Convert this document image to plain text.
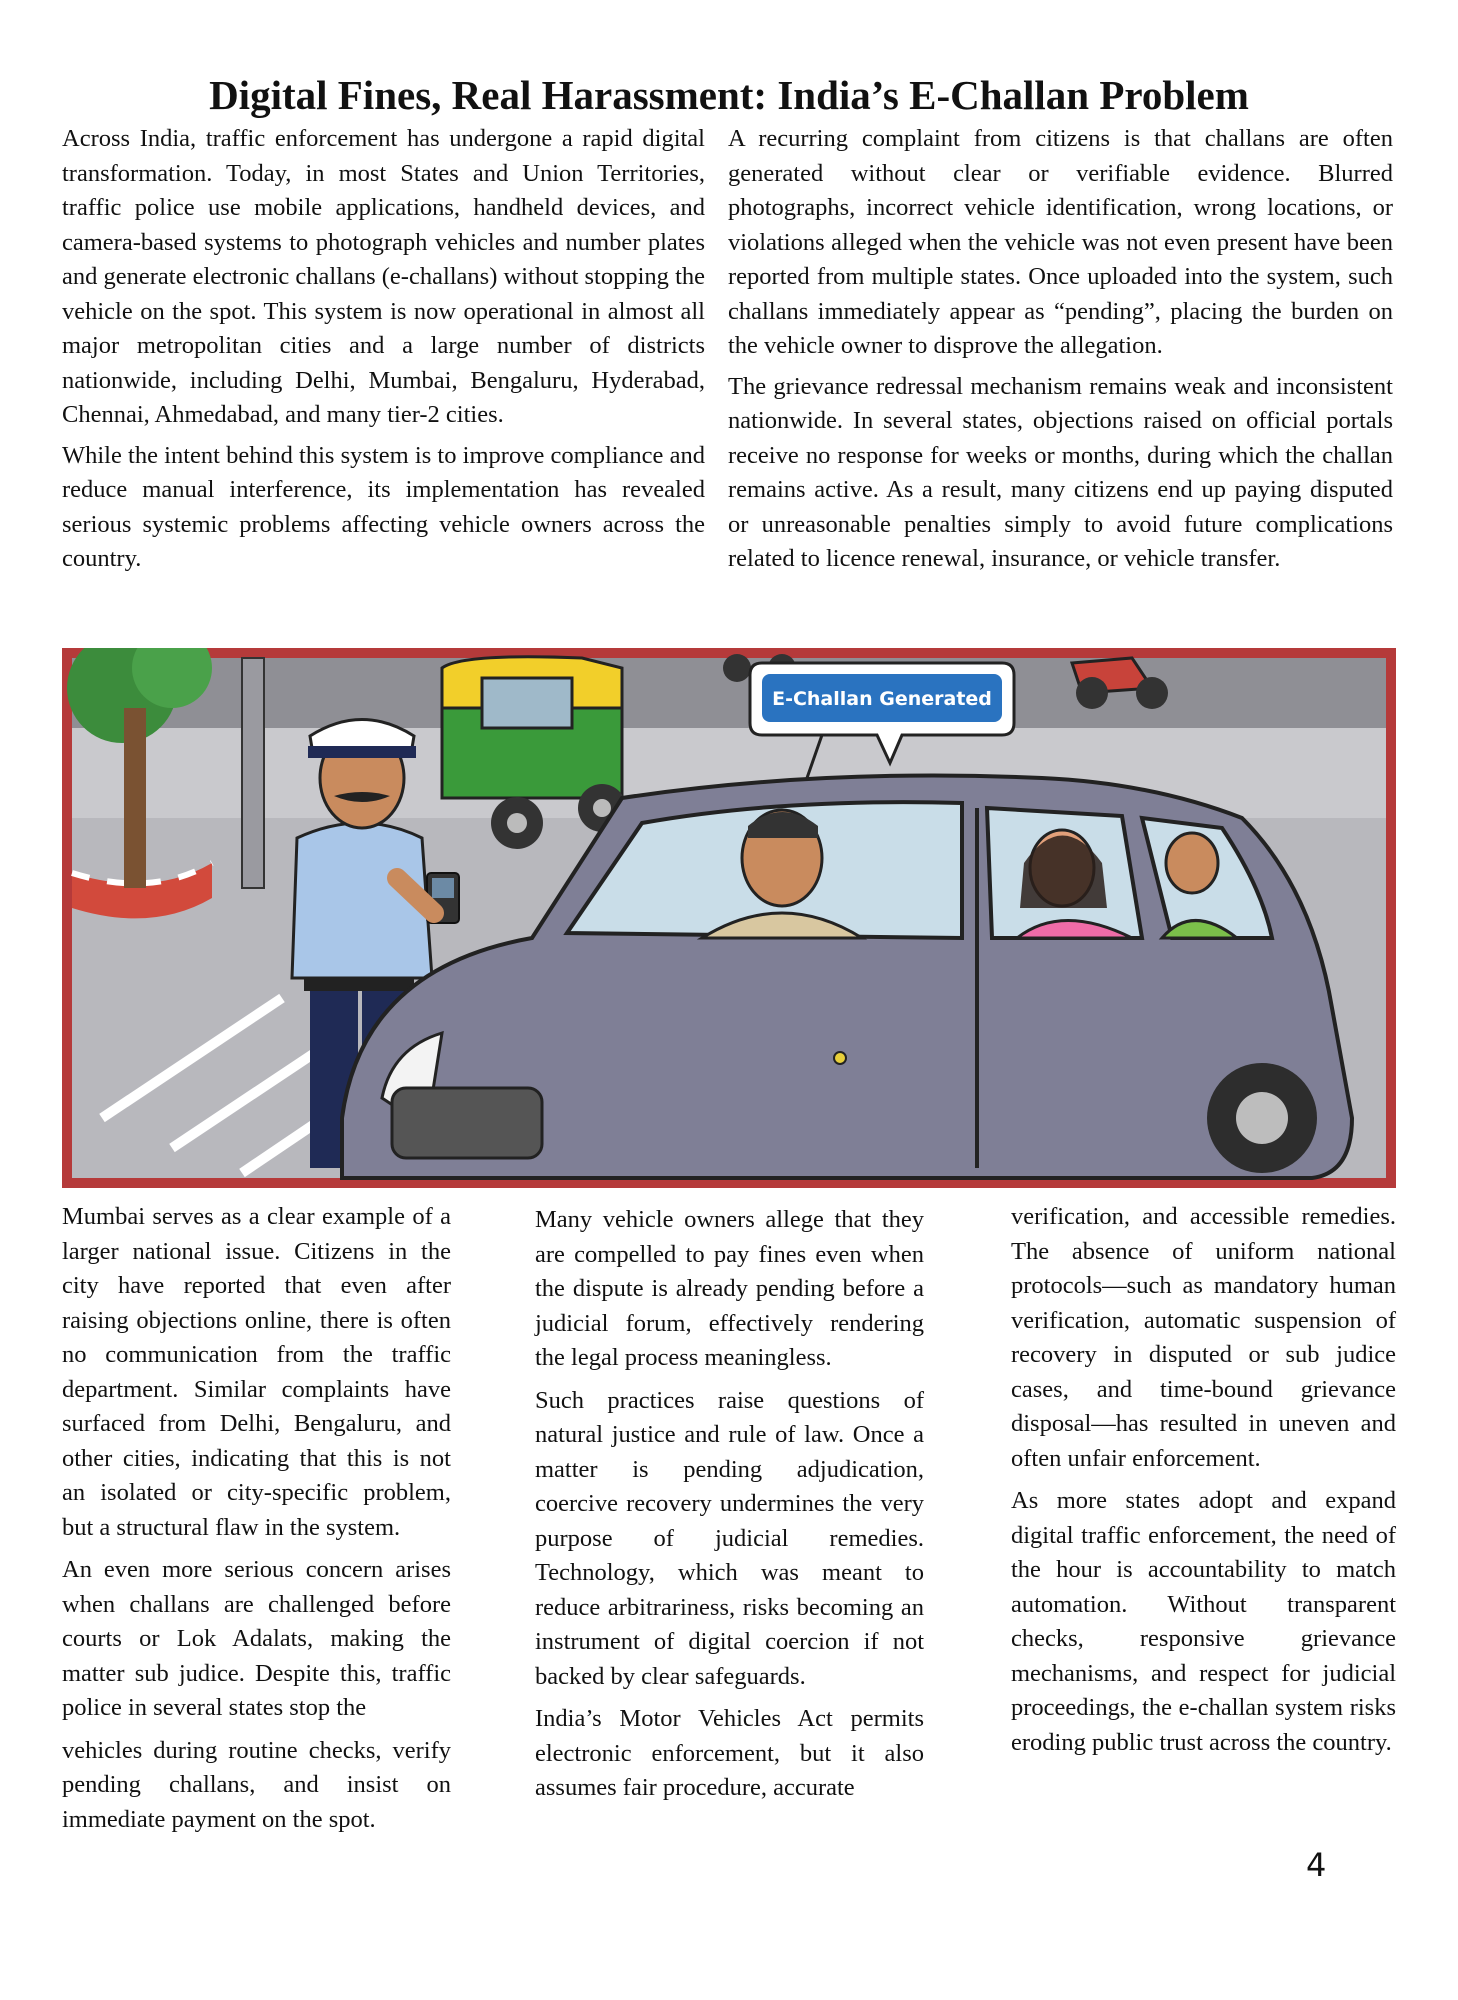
Digital Fines, Real Harassment: India’s E-Challan Problem

Across India, traffic enforcement has undergone a rapid digital transformation. Today, in most States and Union Territories, traffic police use mobile applications, handheld devices, and camera-based systems to photograph vehicles and number plates and generate electronic challans (e-challans) without stopping the vehicle on the spot. This system is now operational in almost all major metropolitan cities and a large number of districts nationwide, including Delhi, Mumbai, Bengaluru, Hyderabad, Chennai, Ahmedabad, and many tier-2 cities.

While the intent behind this system is to improve compliance and reduce manual interference, its implementation has revealed serious systemic problems affecting vehicle owners across the country.

A recurring complaint from citizens is that challans are often generated without clear or verifiable evidence. Blurred photographs, incorrect vehicle identification, wrong locations, or violations alleged when the vehicle was not even present have been reported from multiple states. Once uploaded into the system, such challans immediately appear as “pending”, placing the burden on the vehicle owner to disprove the allegation.

The grievance redressal mechanism remains weak and inconsistent nationwide. In several states, objections raised on official portals receive no response for weeks or months, during which the challan remains active. As a result, many citizens end up paying disputed or unreasonable penalties simply to avoid future complications related to licence renewal, insurance, or vehicle transfer.

E-Challan Generated

Mumbai serves as a clear example of a larger national issue. Citizens in the city have reported that even after raising objections online, there is often no communication from the traffic department. Similar complaints have surfaced from Delhi, Bengaluru, and other cities, indicating that this is not an isolated or city-specific problem, but a structural flaw in the system.

An even more serious concern arises when challans are challenged before courts or Lok Adalats, making the matter sub judice. Despite this, traffic police in several states stop the

vehicles during routine checks, verify pending challans, and insist on immediate payment on the spot.

Many vehicle owners allege that they are compelled to pay fines even when the dispute is already pending before a judicial forum, effectively rendering the legal process meaningless.

Such practices raise questions of natural justice and rule of law. Once a matter is pending adjudication, coercive recovery undermines the very purpose of judicial remedies. Technology, which was meant to reduce arbitrariness, risks becoming an instrument of digital coercion if not backed by clear safeguards.

India’s Motor Vehicles Act permits electronic enforcement, but it also assumes fair procedure, accurate

verification, and accessible remedies. The absence of uniform national protocols—such as mandatory human verification, automatic suspension of recovery in disputed or sub judice cases, and time-bound grievance disposal—has resulted in uneven and often unfair enforcement.

As more states adopt and expand digital traffic enforcement, the need of the hour is accountability to match automation. Without transparent checks, responsive grievance mechanisms, and respect for judicial proceedings, the e-challan system risks eroding public trust across the country.

4
